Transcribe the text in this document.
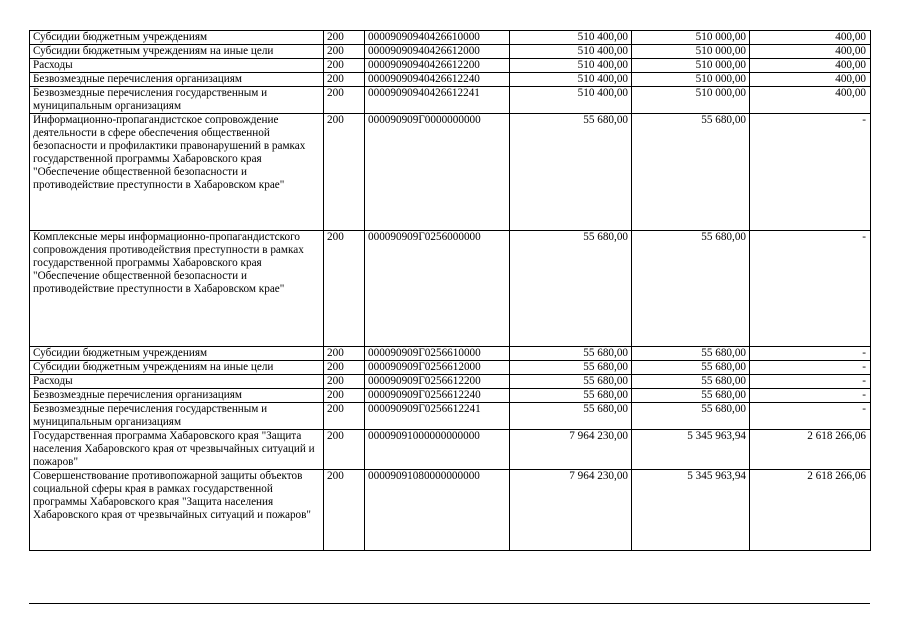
Субсидии бюджетным учреждениям	200	00009090940426610000	510 400,00	510 000,00	400,00
Субсидии бюджетным учреждениям на иные цели	200	00009090940426612000	510 400,00	510 000,00	400,00
Расходы	200	00009090940426612200	510 400,00	510 000,00	400,00
Безвозмездные перечисления организациям	200	00009090940426612240	510 400,00	510 000,00	400,00
Безвозмездные перечисления государственным и муниципальным организациям	200	00009090940426612241	510 400,00	510 000,00	400,00
Информационно-пропагандистское сопровождение деятельности в сфере обеспечения общественной безопасности и профилактики правонарушений в рамках государственной программы Хабаровского края "Обеспечение общественной безопасности и противодействие преступности в Хабаровском крае"	200	000090909Г0000000000	55 680,00	55 680,00	-
Комплексные меры информационно-пропагандистского сопровождения противодействия преступности в рамках государственной программы Хабаровского края "Обеспечение общественной безопасности и противодействие преступности в Хабаровском крае"	200	000090909Г0256000000	55 680,00	55 680,00	-
Субсидии бюджетным учреждениям	200	000090909Г0256610000	55 680,00	55 680,00	-
Субсидии бюджетным учреждениям на иные цели	200	000090909Г0256612000	55 680,00	55 680,00	-
Расходы	200	000090909Г0256612200	55 680,00	55 680,00	-
Безвозмездные перечисления организациям	200	000090909Г0256612240	55 680,00	55 680,00	-
Безвозмездные перечисления государственным и муниципальным организациям	200	000090909Г0256612241	55 680,00	55 680,00	-
Государственная программа Хабаровского края "Защита населения Хабаровского края от чрезвычайных ситуаций и пожаров"	200	00009091000000000000	7 964 230,00	5 345 963,94	2 618 266,06
Совершенствование противопожарной защиты объектов социальной сферы края в рамках государственной программы Хабаровского края "Защита населения Хабаровского края от чрезвычайных ситуаций и пожаров"	200	00009091080000000000	7 964 230,00	5 345 963,94	2 618 266,06
